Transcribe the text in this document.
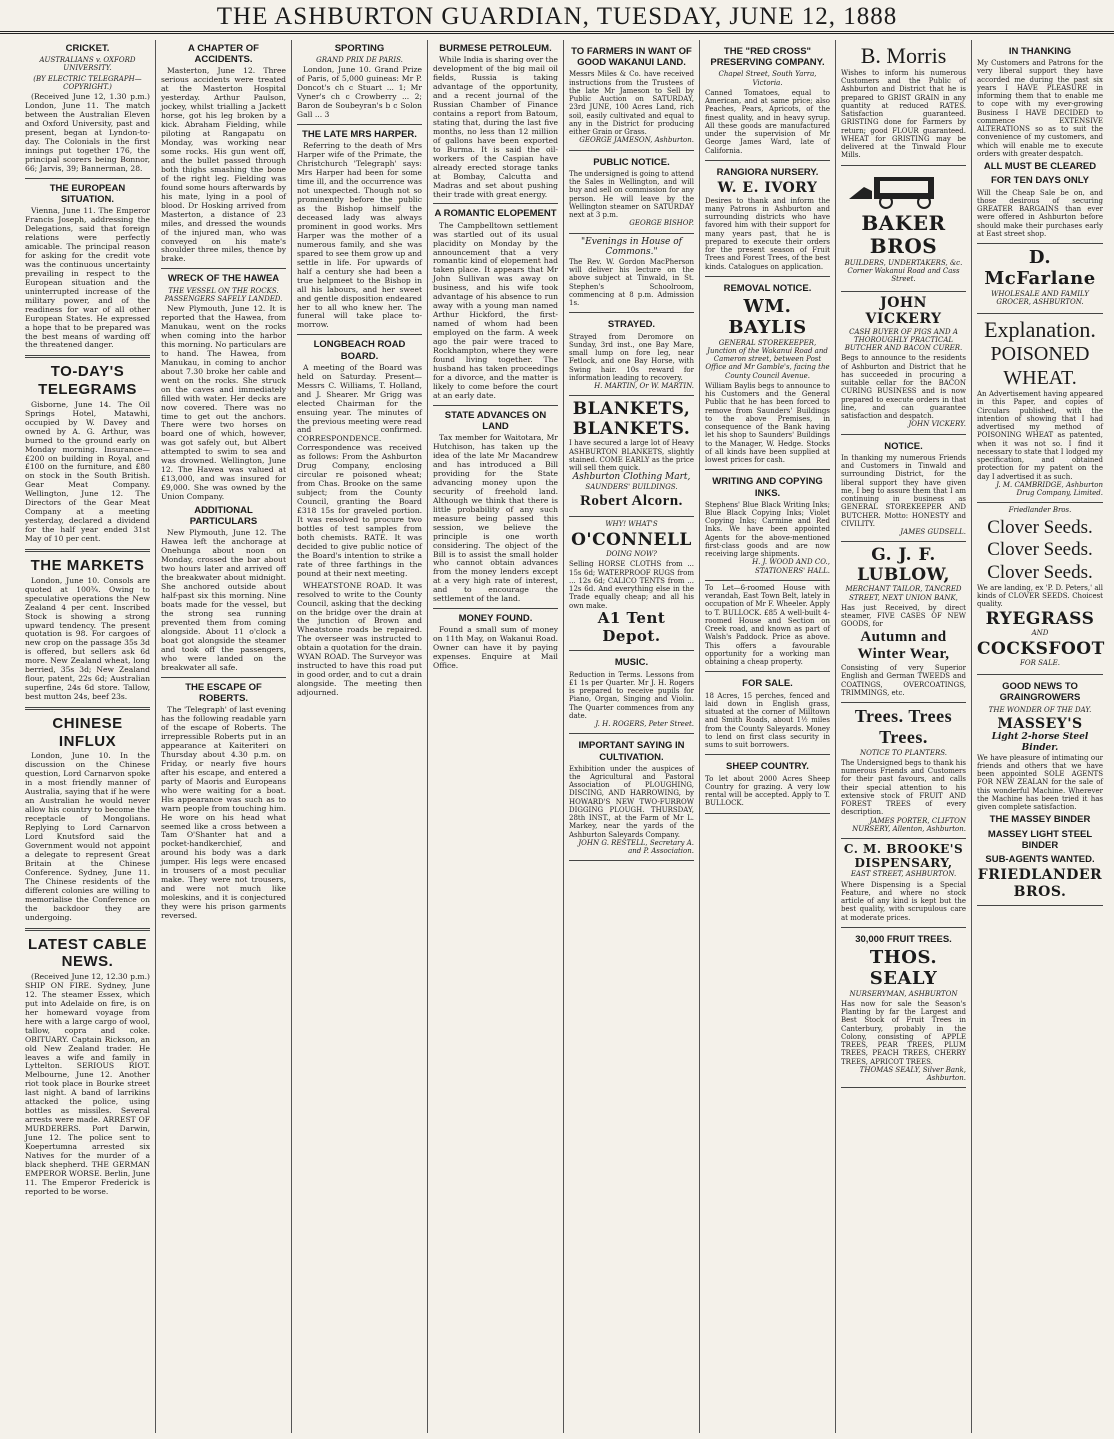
THE ASHBURTON GUARDIAN, TUESDAY, JUNE 12, 1888
CRICKET.
AUSTRALIANS v. OXFORD UNIVERSITY.
(BY ELECTRIC TELEGRAPH—COPYRIGHT.)

(Received June 12, 1.30 p.m.) London, June 11. The match between the Australian Eleven and Oxford University, past and present, began at Lyndon-to-day. The Colonials in the first innings put together 176, the principal scorers being Bonnor, 66; Jarvis, 39; Bannerman, 28.

THE EUROPEAN SITUATION.

Vienna, June 11. The Emperor Francis Joseph, addressing the Delegations, said that foreign relations were perfectly amicable. The principal reason for asking for the credit vote was the continuous uncertainty prevailing in respect to the European situation and the uninterrupted increase of the military power, and of the readiness for war of all other European States. He expressed a hope that to be prepared was the best means of warding off the threatened danger.

TO-DAY'S TELEGRAMS

Gisborne, June 14. The Oil Springs Hotel, Matawhi, occupied by W. Davey and owned by A. G. Arthur, was burned to the ground early on Monday morning. Insurance—£200 on building in Royal, and £100 on the furniture, and £80 on stock in the South British. Gear Meat Company. Wellington, June 12. The Directors of the Gear Meat Company at a meeting yesterday, declared a dividend for the half year ended 31st May of 10 per cent.

THE MARKETS

London, June 10. Consols are quoted at 100¾. Owing to speculative operations the New Zealand 4 per cent. Inscribed Stock is showing a strong upward tendency. The present quotation is 98. For cargoes of new crop on the passage 35s 3d is offered, but sellers ask 6d more. New Zealand wheat, long berried, 35s 3d; New Zealand flour, patent, 22s 6d; Australian superfine, 24s 6d store. Tallow, best mutton 24s, beef 23s.

CHINESE INFLUX

London, June 10. In the discussion on the Chinese question, Lord Carnarvon spoke in a most friendly manner of Australia, saying that if he were an Australian he would never allow his country to become the receptacle of Mongolians. Replying to Lord Carnarvon Lord Knutsford said the Government would not appoint a delegate to represent Great Britain at the Chinese Conference. Sydney, June 11. The Chinese residents of the different colonies are willing to memorialise the Conference on the backdoor they are undergoing.

LATEST CABLE NEWS.

(Received June 12, 12.30 p.m.) SHIP ON FIRE. Sydney, June 12. The steamer Essex, which put into Adelaide on fire, is on her homeward voyage from here with a large cargo of wool, tallow, copra and coke. OBITUARY. Captain Rickson, an old New Zealand trader. He leaves a wife and family in Lyttelton. SERIOUS RIOT. Melbourne, June 12. Another riot took place in Bourke street last night. A band of larrikins attacked the police, using bottles as missiles. Several arrests were made. ARREST OF MURDERERS. Port Darwin, June 12. The police sent to Koepertumna arrested six Natives for the murder of a black shepherd. THE GERMAN EMPEROR WORSE. Berlin, June 11. The Emperor Frederick is reported to be worse.

A CHAPTER OF ACCIDENTS.

Masterton, June 12. Three serious accidents were treated at the Masterton Hospital yesterday. Arthur Paulson, jockey, whilst trialling a Jackett horse, got his leg broken by a kick. Abraham Fielding, while piloting at Rangapatu on Monday, was working near some rocks. His gun went off, and the bullet passed through both thighs smashing the bone of the right leg. Fielding was found some hours afterwards by his mate, lying in a pool of blood. Dr Hosking arrived from Masterton, a distance of 23 miles, and dressed the wounds of the injured man, who was conveyed on his mate's shoulder three miles, thence by brake.

WRECK OF THE HAWEA
THE VESSEL ON THE ROCKS. PASSENGERS SAFELY LANDED.

New Plymouth, June 12. It is reported that the Hawea, from Manukau, went on the rocks when coming into the harbor this morning. No particulars are to hand. The Hawea, from Manukau, in coming to anchor about 7.30 broke her cable and went on the rocks. She struck on the caves and immediately filled with water. Her decks are now covered. There was no time to get out the anchors. There were two horses on board one of which, however, was got safely out, but Albert attempted to swim to sea and was drowned. Wellington, June 12. The Hawea was valued at £13,000, and was insured for £9,000. She was owned by the Union Company.

ADDITIONAL PARTICULARS

New Plymouth, June 12. The Hawea left the anchorage at Onehunga about noon on Monday, crossed the bar about two hours later and arrived off the breakwater about midnight. She anchored outside about half-past six this morning. Nine boats made for the vessel, but the strong sea running prevented them from coming alongside. About 11 o'clock a boat got alongside the steamer and took off the passengers, who were landed on the breakwater all safe.

THE ESCAPE OF ROBERTS.

The 'Telegraph' of last evening has the following readable yarn of the escape of Roberts. The irrepressible Roberts put in an appearance at Kaiteriteri on Thursday about 4.30 p.m. on Friday, or nearly five hours after his escape, and entered a party of Maoris and Europeans who were waiting for a boat. His appearance was such as to warn people from touching him. He wore on his head what seemed like a cross between a Tam O'Shanter hat and a pocket-handkerchief, and around his body was a dark jumper. His legs were encased in trousers of a most peculiar make. They were not trousers, and were not much like moleskins, and it is conjectured they were his prison garments reversed.

SPORTING
GRAND PRIX DE PARIS.

London, June 10. Grand Prize of Paris, of 5,000 guineas: Mr P. Doncot's ch c Stuart ... 1; Mr Vyner's ch c Crowberry ... 2; Baron de Soubeyran's b c Solon Gall ... 3

THE LATE MRS HARPER.

Referring to the death of Mrs Harper wife of the Primate, the Christchurch 'Telegraph' says: Mrs Harper had been for some time ill, and the occurrence was not unexpected. Though not so prominently before the public as the Bishop himself the deceased lady was always prominent in good works. Mrs Harper was the mother of a numerous family, and she was spared to see them grow up and settle in life. For upwards of half a century she had been a true helpmeet to the Bishop in all his labours, and her sweet and gentle disposition endeared her to all who knew her. The funeral will take place to-morrow.

LONGBEACH ROAD BOARD.

A meeting of the Board was held on Saturday. Present—Messrs C. Williams, T. Holland, and J. Shearer. Mr Grigg was elected Chairman for the ensuing year. The minutes of the previous meeting were read and confirmed. CORRESPONDENCE. Correspondence was received as follows: From the Ashburton Drug Company, enclosing circular re poisoned wheat; from Chas. Brooke on the same subject; from the County Council, granting the Board £318 15s for graveled portion. It was resolved to procure two bottles of test samples from both chemists. RATE. It was decided to give public notice of the Board's intention to strike a rate of three farthings in the pound at their next meeting.

WHEATSTONE ROAD. It was resolved to write to the County Council, asking that the decking on the bridge over the drain at the junction of Brown and Wheatstone roads be repaired. The overseer was instructed to obtain a quotation for the drain. WYAN ROAD. The Surveyor was instructed to have this road put in good order, and to cut a drain alongside. The meeting then adjourned.

BURMESE PETROLEUM.

While India is sharing over the development of the big mail oil fields, Russia is taking advantage of the opportunity, and a recent journal of the Russian Chamber of Finance contains a report from Batoum, stating that, during the last five months, no less than 12 million of gallons have been exported to Burma. It is said the oil-workers of the Caspian have already erected storage tanks at Bombay, Calcutta and Madras and set about pushing their trade with great energy.

A ROMANTIC ELOPEMENT

The Campbelltown settlement was startled out of its usual placidity on Monday by the announcement that a very romantic kind of elopement had taken place. It appears that Mr John Sullivan was away on business, and his wife took advantage of his absence to run away with a young man named Arthur Hickford, the first-named of whom had been employed on the farm. A week ago the pair were traced to Rockhampton, where they were found living together. The husband has taken proceedings for a divorce, and the matter is likely to come before the court at an early date.

STATE ADVANCES ON LAND

Tax member for Waitotara, Mr Hutchison, has taken up the idea of the late Mr Macandrew and has introduced a Bill providing for the State advancing money upon the security of freehold land. Although we think that there is little probability of any such measure being passed this session, we believe the principle is one worth considering. The object of the Bill is to assist the small holder who cannot obtain advances from the money lenders except at a very high rate of interest, and to encourage the settlement of the land.

MONEY FOUND.

Found a small sum of money on 11th May, on Wakanui Road. Owner can have it by paying expenses. Enquire at Mail Office.

TO FARMERS IN WANT OF GOOD WAKANUI LAND.
Messrs Miles & Co. have received instructions from the Trustees of the late Mr Jameson to Sell by Public Auction on SATURDAY, 23rd JUNE, 100 Acres Land, rich soil, easily cultivated and equal to any in the District for producing either Grain or Grass.
GEORGE JAMESON, Ashburton.
PUBLIC NOTICE.
The undersigned is going to attend the Sales in Wellington, and will buy and sell on commission for any person. He will leave by the Wellington steamer on SATURDAY next at 3 p.m.
GEORGE BISHOP.
"Evenings in House of Commons."
The Rev. W. Gordon MacPherson will deliver his lecture on the above subject at Tinwald, in St. Stephen's Schoolroom, commencing at 8 p.m. Admission 1s.
STRAYED.
Strayed from Deromore on Sunday, 3rd inst., one Bay Mare, small lump on fore leg, near Fetlock, and one Bay Horse, with Swing hair. 10s reward for information leading to recovery.
H. MARTIN, Or W. MARTIN.
BLANKETS, BLANKETS.
I have secured a large lot of Heavy ASHBURTON BLANKETS, slightly stained. COME EARLY as the price will sell them quick.
Ashburton Clothing Mart,
SAUNDERS' BUILDINGS.
Robert Alcorn.
WHY! WHAT'S
O'CONNELL
DOING NOW?
Selling HORSE CLOTHS from ... 15s 6d; WATERPROOF RUGS from ... 12s 6d; CALICO TENTS from ... 12s 6d. And everything else in the Trade equally cheap; and all his own make.
A1 Tent Depot.
MUSIC.
Reduction in Terms. Lessons from £1 1s per Quarter. Mr J. H. Rogers is prepared to receive pupils for Piano, Organ, Singing and Violin. The Quarter commences from any date.
J. H. ROGERS, Peter Street.
IMPORTANT SAYING IN CULTIVATION.
Exhibition under the auspices of the Agricultural and Pastoral Association of PLOUGHING, DISCING, AND HARROWING, by HOWARD'S NEW TWO-FURROW DIGGING PLOUGH. THURSDAY, 28th INST., at the Farm of Mr L. Markey, near the yards of the Ashburton Saleyards Company.
JOHN G. RESTELL, Secretary A. and P. Association.
THE "RED CROSS" PRESERVING COMPANY.
Chapel Street, South Yarra, Victoria.
Canned Tomatoes, equal to American, and at same price; also Peaches, Pears, Apricots, of the finest quality, and in heavy syrup. All these goods are manufactured under the supervision of Mr George James Ward, late of California.
RANGIORA NURSERY.
W. E. IVORY
Desires to thank and inform the many Patrons in Ashburton and surrounding districts who have favored him with their support for many years past, that he is prepared to execute their orders for the present season of Fruit Trees and Forest Trees, of the best kinds. Catalogues on application.
REMOVAL NOTICE.
WM. BAYLIS
GENERAL STOREKEEPER, Junction of the Wakanui Road and Cameron street, between Post Office and Mr Gamble's, facing the County Council Avenue.
William Baylis begs to announce to his Customers and the General Public that he has been forced to remove from Saunders' Buildings to the above Premises, in consequence of the Bank having let his shop to Saunders' Buildings to the Manager, W. Hedge. Stocks of all kinds have been supplied at lowest prices for cash.
WRITING AND COPYING INKS.
Stephens' Blue Black Writing Inks; Blue Black Copying Inks; Violet Copying Inks; Carmine and Red Inks. We have been appointed Agents for the above-mentioned first-class goods and are now receiving large shipments.
H. J. WOOD AND CO., STATIONERS' HALL.
To Let—6-roomed House with verandah, East Town Belt, lately in occupation of Mr F. Wheeler. Apply to T. BULLOCK. £85 A well-built 4-roomed House and Section on Creek road, and known as part of Walsh's Paddock. Price as above. This offers a favourable opportunity for a working man obtaining a cheap property.
FOR SALE.
18 Acres, 15 perches, fenced and laid down in English grass, situated at the corner of Milltown and Smith Roads, about 1½ miles from the County Saleyards. Money to lend on first class security in sums to suit borrowers.
SHEEP COUNTRY.
To let about 2000 Acres Sheep Country for grazing. A very low rental will be accepted. Apply to T. BULLOCK.
B. Morris
Wishes to inform his numerous Customers and the Public of Ashburton and District that he is prepared to GRIST GRAIN in any quantity at reduced RATES. Satisfaction guaranteed. GRISTING done for Farmers by return; good FLOUR guaranteed. WHEAT for GRISTING may be delivered at the Tinwald Flour Mills.
BAKER BROS
BUILDERS, UNDERTAKERS, &c. Corner Wakanui Road and Cass Street.
JOHN VICKERY
CASH BUYER OF PIGS AND A THOROUGHLY PRACTICAL BUTCHER AND BACON CURER.
Begs to announce to the residents of Ashburton and District that he has succeeded in procuring a suitable cellar for the BACON CURING BUSINESS and is now prepared to execute orders in that line, and can guarantee satisfaction and despatch.
JOHN VICKERY.
NOTICE.
In thanking my numerous Friends and Customers in Tinwald and surrounding District, for the liberal support they have given me, I beg to assure them that I am continuing in business as GENERAL STOREKEEPER AND BUTCHER. Motto: HONESTY and CIVILITY.
JAMES GUDSELL.
G. J. F. LUBLOW,
MERCHANT TAILOR, TANCRED STREET, NEXT UNION BANK,
Has just Received, by direct steamer, FIVE CASES OF NEW GOODS, for
Autumn and Winter Wear,
Consisting of very Superior English and German TWEEDS and COATINGS, OVERCOATINGS, TRIMMINGS, etc.
Trees. Trees Trees.
NOTICE TO PLANTERS.
The Undersigned begs to thank his numerous Friends and Customers for their past favours, and calls their special attention to his extensive stock of FRUIT AND FOREST TREES of every description.
JAMES PORTER, CLIFTON NURSERY, Allenton, Ashburton.
C. M. BROOKE'S DISPENSARY,
EAST STREET, ASHBURTON.
Where Dispensing is a Special Feature, and where no stock article of any kind is kept but the best quality, with scrupulous care at moderate prices.
30,000 FRUIT TREES.
THOS. SEALY
NURSERYMAN, ASHBURTON
Has now for sale the Season's Planting by far the Largest and Best Stock of Fruit Trees in Canterbury, probably in the Colony, consisting of APPLE TREES, PEAR TREES, PLUM TREES, PEACH TREES, CHERRY TREES, APRICOT TREES.
THOMAS SEALY, Silver Bank, Ashburton.
IN THANKING
My Customers and Patrons for the very liberal support they have accorded me during the past six years I HAVE PLEASURE in informing them that to enable me to cope with my ever-growing Business I HAVE DECIDED to commence EXTENSIVE ALTERATIONS so as to suit the convenience of my customers, and which will enable me to execute orders with greater despatch.
ALL MUST BE CLEARED
FOR TEN DAYS ONLY
Will the Cheap Sale be on, and those desirous of securing GREATER BARGAINS than ever were offered in Ashburton before should make their purchases early at East street shop.
D. McFarlane
WHOLESALE AND FAMILY GROCER, ASHBURTON.
Explanation.
POISONED WHEAT.
An Advertisement having appeared in this Paper, and copies of Circulars published, with the intention of showing that I had advertised my method of POISONING WHEAT as patented, when it was not so. I find it necessary to state that I lodged my specification, and obtained protection for my patent on the day I advertised it as such.
J. M. CAMBRIDGE, Ashburton Drug Company, Limited.
Friedlander Bros.
Clover Seeds.
Clover Seeds.
Clover Seeds.
We are landing, ex 'P. D. Peters,' all kinds of CLOVER SEEDS. Choicest quality.
RYEGRASS
AND
COCKSFOOT
FOR SALE.
GOOD NEWS TO GRAINGROWERS
THE WONDER OF THE DAY.
MASSEY'S
Light 2-horse Steel Binder.
We have pleasure of intimating our friends and others that we have been appointed SOLE AGENTS FOR NEW ZEALAN for the sale of this wonderful Machine. Wherever the Machine has been tried it has given complete satisfaction.
THE MASSEY BINDER
MASSEY LIGHT STEEL BINDER
SUB-AGENTS WANTED.
FRIEDLANDER BROS.
